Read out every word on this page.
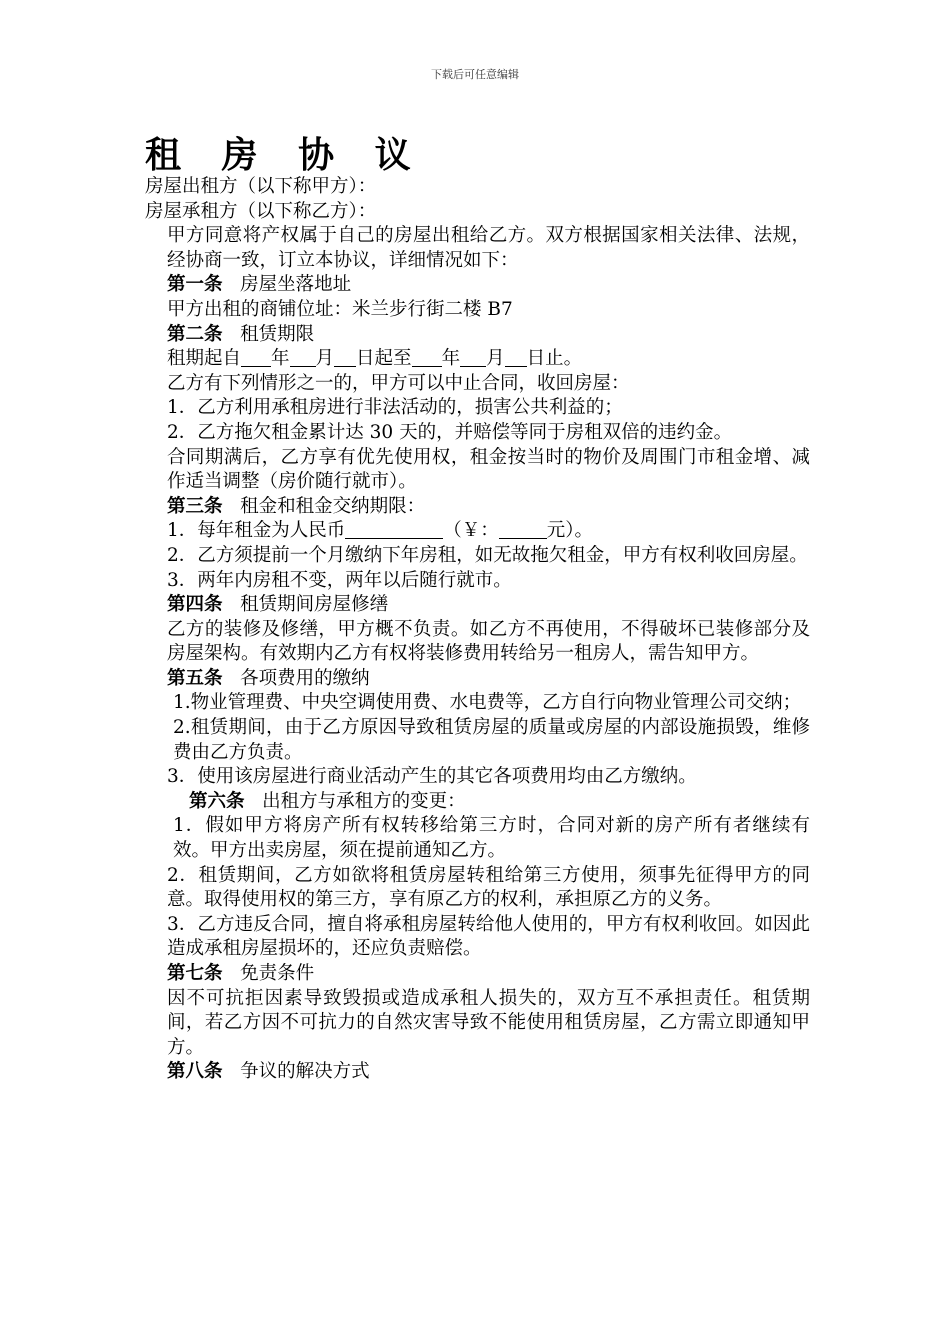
下载后可任意编辑
租 房 协 议

房屋出租方（以下称甲方）：

房屋承租方（以下称乙方）：

甲方同意将产权属于自己的房屋出租给乙方。双方根据国家相关法律、法规，经协商一致，订立本协议，详细情况如下：

第一条 房屋坐落地址

甲方出租的商铺位址：米兰步行街二楼 B7

第二条 租赁期限

租期起自 年 月 日起至 年 月 日止。

乙方有下列情形之一的，甲方可以中止合同，收回房屋：

1．乙方利用承租房进行非法活动的，损害公共利益的；

2．乙方拖欠租金累计达 30 天的，并赔偿等同于房租双倍的违约金。

合同期满后，乙方享有优先使用权，租金按当时的物价及周围门市租金增、减作适当调整（房价随行就市）。

第三条 租金和租金交纳期限：

1．每年租金为人民币	（￥：	元）。

2．乙方须提前一个月缴纳下年房租，如无故拖欠租金，甲方有权利收回房屋。

3．两年内房租不变，两年以后随行就市。

第四条 租赁期间房屋修缮

乙方的装修及修缮，甲方概不负责。如乙方不再使用，不得破坏已装修部分及房屋架构。有效期内乙方有权将装修费用转给另一租房人，需告知甲方。

第五条 各项费用的缴纳

1.物业管理费、中央空调使用费、水电费等，乙方自行向物业管理公司交纳；

2.租赁期间，由于乙方原因导致租赁房屋的质量或房屋的内部设施损毁，维修费由乙方负责。

3．使用该房屋进行商业活动产生的其它各项费用均由乙方缴纳。

第六条 出租方与承租方的变更：

1．假如甲方将房产所有权转移给第三方时，合同对新的房产所有者继续有效。甲方出卖房屋，须在提前通知乙方。

2．租赁期间，乙方如欲将租赁房屋转租给第三方使用，须事先征得甲方的同意。取得使用权的第三方，享有原乙方的权利，承担原乙方的义务。

3．乙方违反合同，擅自将承租房屋转给他人使用的，甲方有权利收回。如因此造成承租房屋损坏的，还应负责赔偿。

第七条 免责条件

因不可抗拒因素导致毁损或造成承租人损失的，双方互不承担责任。租赁期间，若乙方因不可抗力的自然灾害导致不能使用租赁房屋，乙方需立即通知甲方。

第八条 争议的解决方式
